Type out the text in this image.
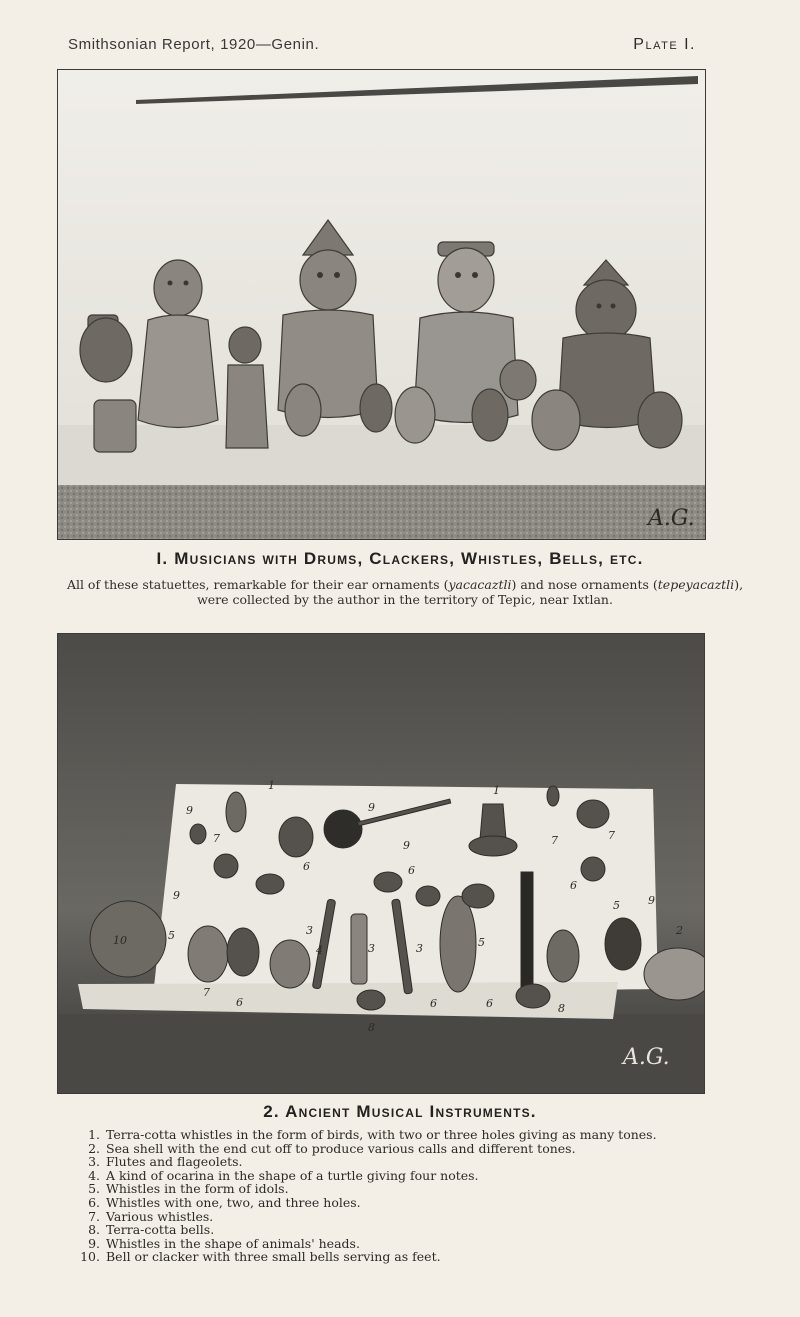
Smithsonian Report, 1920—Genin.	Plate I.
A.G.
I. Musicians with Drums, Clackers, Whistles, Bells, etc.
All of these statuettes, remarkable for their ear ornaments (yacacaztli) and nose ornaments (tepeyacaztli), were collected by the author in the territory of Tepic, near Ixtlan.
1	1
9
9
7	7
7
9
9
6	6
6
5
5
3
3	3
4
2
8
8
10
6	6	6
7
5	9
A.G.
2. Ancient Musical Instruments.
1. Terra-cotta whistles in the form of birds, with two or three holes giving as many tones.
2. Sea shell with the end cut off to produce various calls and different tones.
3. Flutes and flageolets.
4. A kind of ocarina in the shape of a turtle giving four notes.
5. Whistles in the form of idols.
6. Whistles with one, two, and three holes.
7. Various whistles.
8. Terra-cotta bells.
9. Whistles in the shape of animals' heads.
10. Bell or clacker with three small bells serving as feet.
